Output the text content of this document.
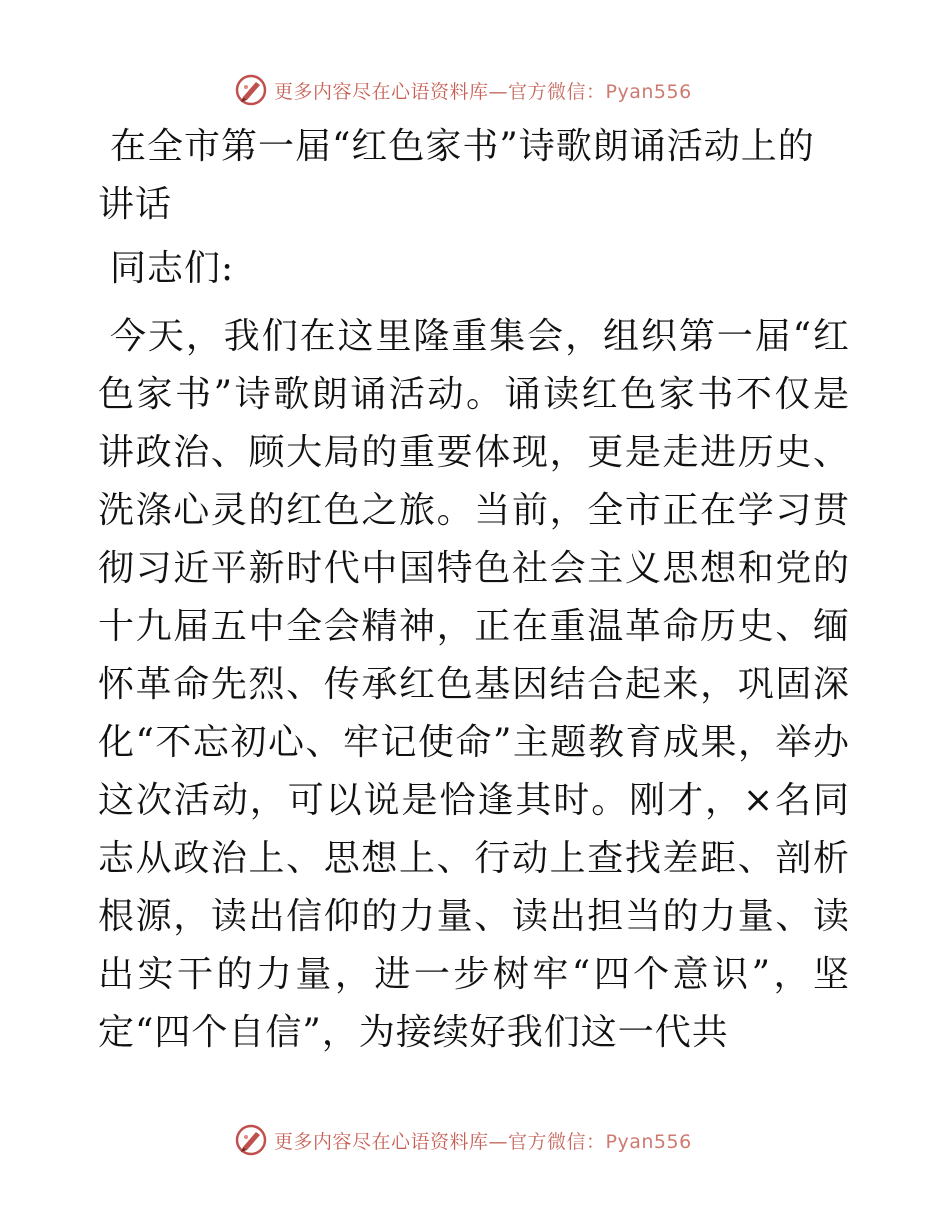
更多内容尽在心语资料库—官方微信：Pyan556
在全市第一届“红色家书”诗歌朗诵活动上的讲话

同志们:

今天，我们在这里隆重集会，组织第一届“红色家书”诗歌朗诵活动。诵读红色家书不仅是讲政治、顾大局的重要体现，更是走进历史、洗涤心灵的红色之旅。当前，全市正在学习贯彻习近平新时代中国特色社会主义思想和党的十九届五中全会精神，正在重温革命历史、缅怀革命先烈、传承红色基因结合起来，巩固深化“不忘初心、牢记使命”主题教育成果，举办这次活动，可以说是恰逢其时。刚才，×名同志从政治上、思想上、行动上查找差距、剖析根源，读出信仰的力量、读出担当的力量、读出实干的力量，进一步树牢“四个意识”，坚定“四个自信”，为接续好我们这一代共

更多内容尽在心语资料库—官方微信：Pyan556
